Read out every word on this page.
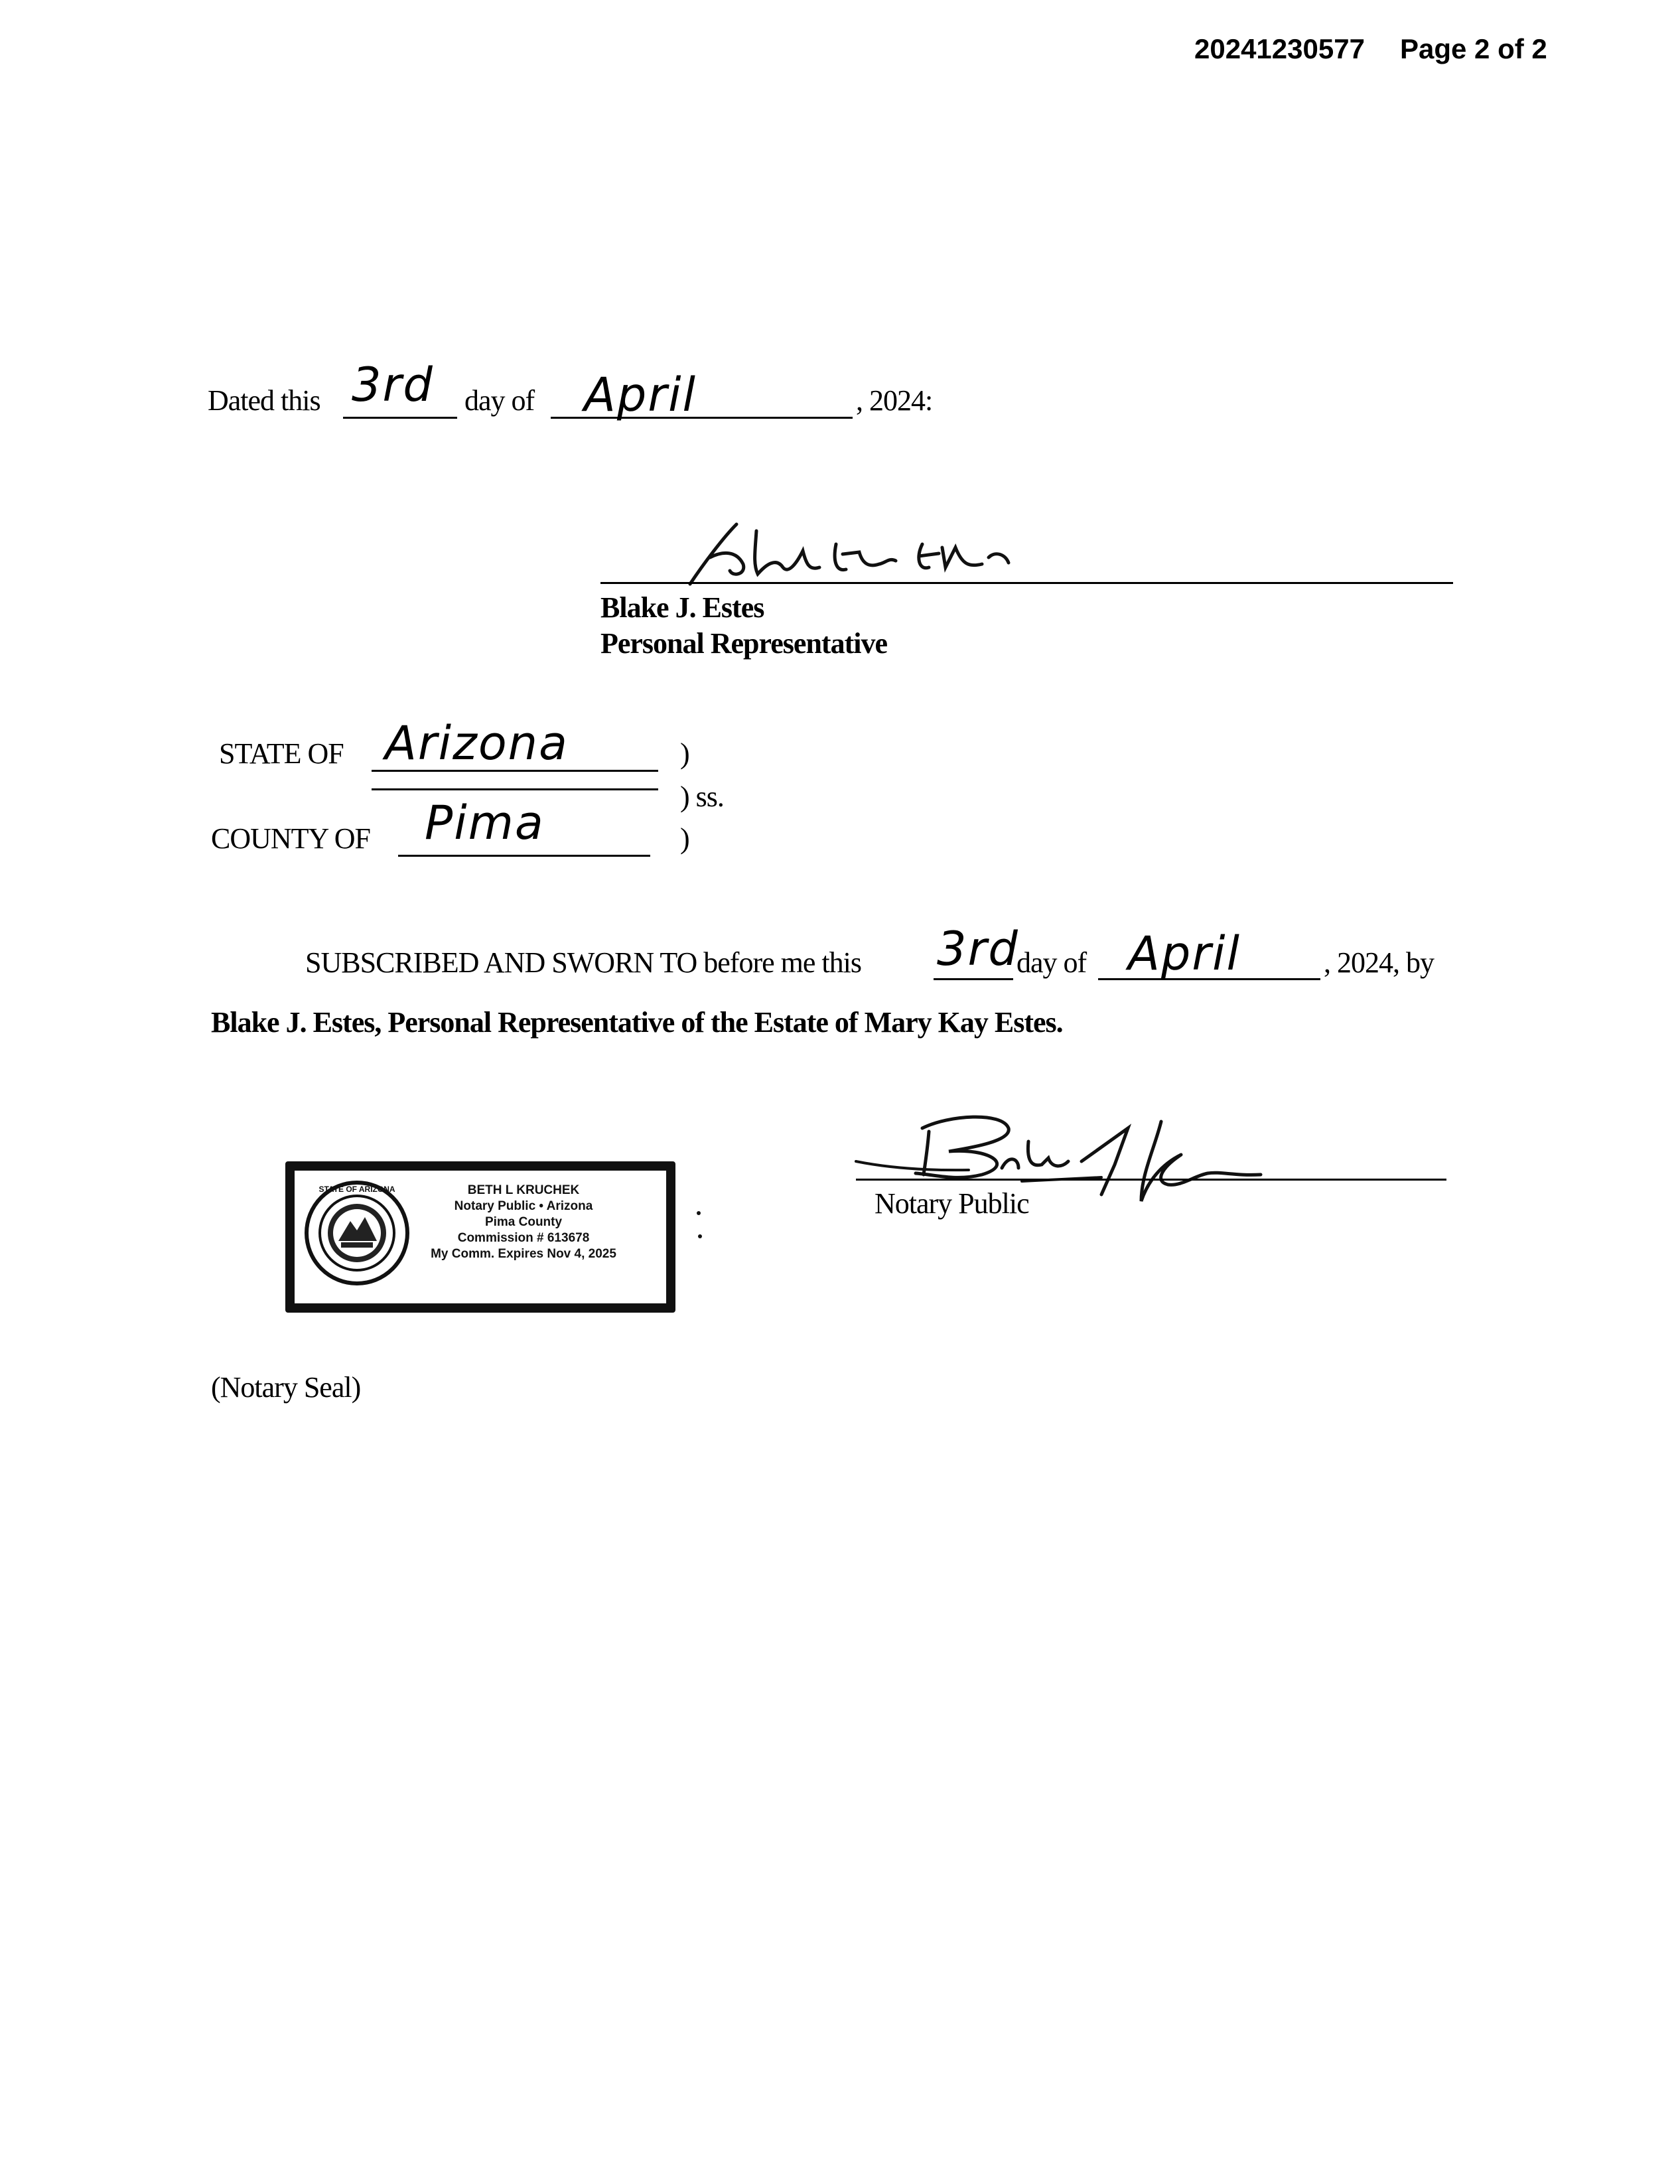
20241230577 Page 2 of 2
Dated this 3rd day of April	, 2024:
Blake J. Estes
Personal Representative
STATE OF Arizona	)
) ss.
COUNTY OF Pima	)
SUBSCRIBED AND SWORN TO before me this 3rd
day of April	, 2024, by
Blake J. Estes, Personal Representative of the Estate of Mary Kay Estes.
Notary Public
STATE OF ARIZONA	BETH L KRUCHEK
Notary Public • Arizona
Pima County
Commission # 613678
My Comm. Expires Nov 4, 2025
(Notary Seal)
